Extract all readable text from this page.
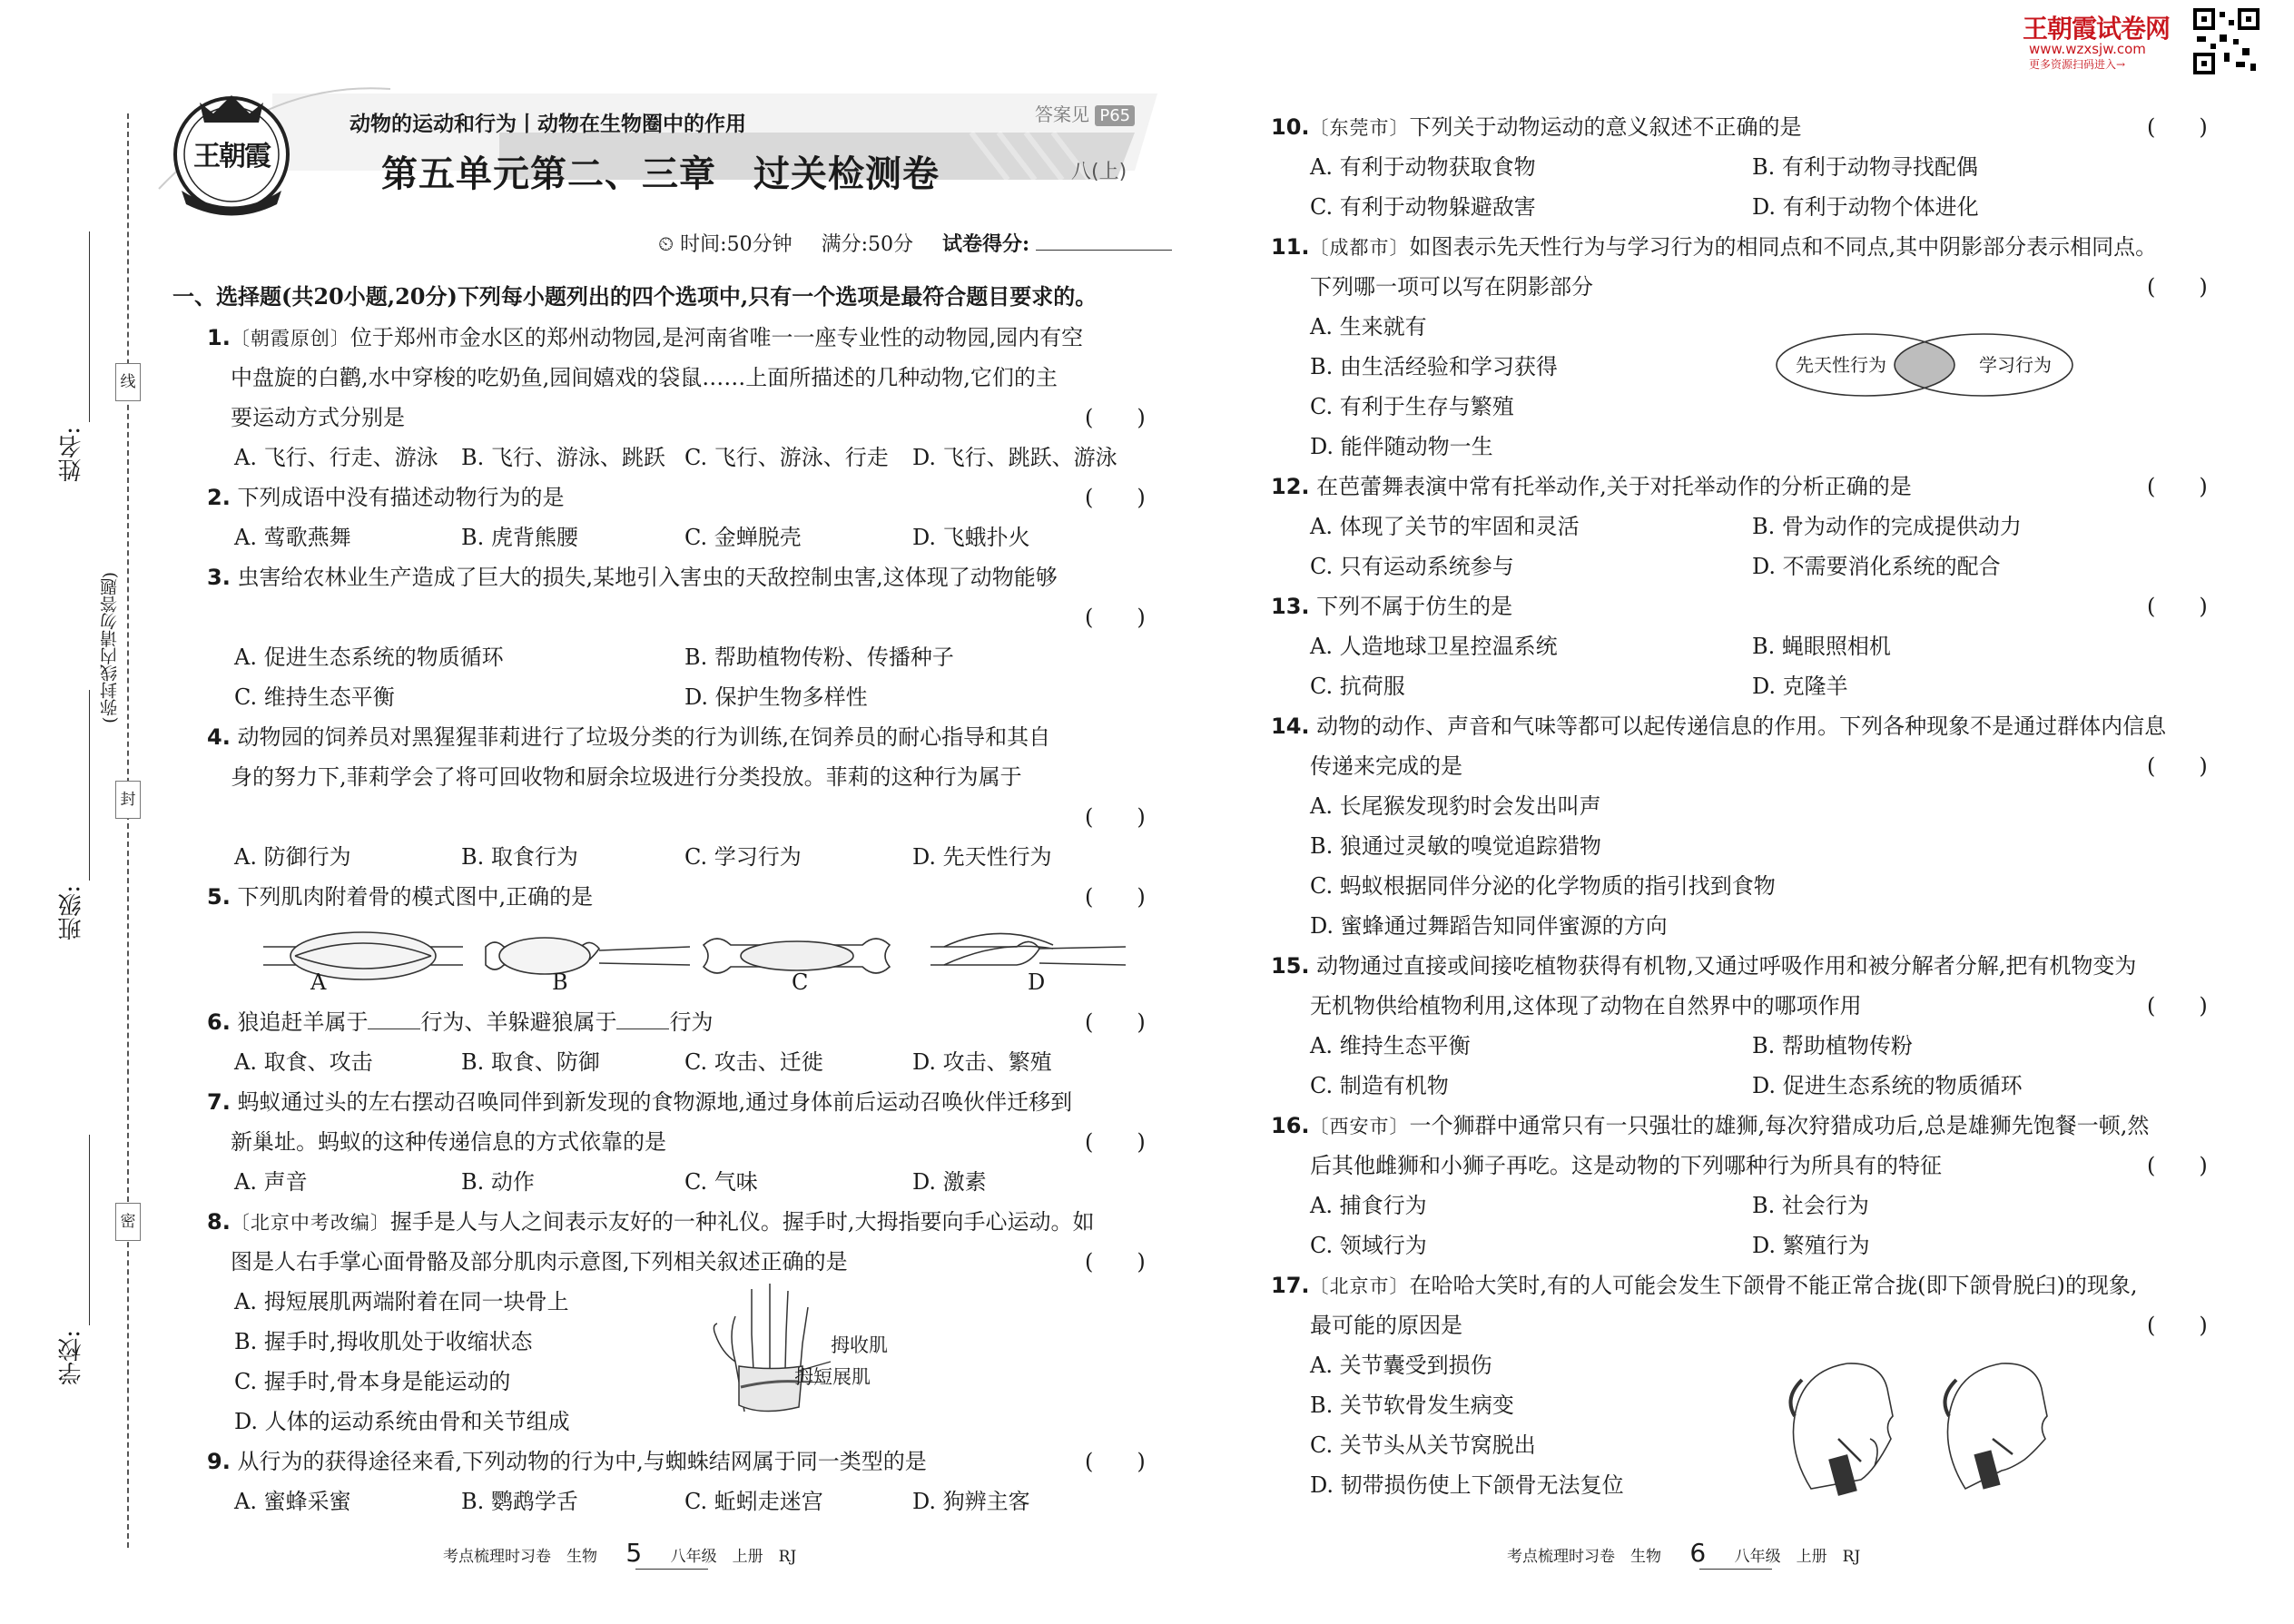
线
封
密
(弥封线内请勿答题)
姓名:
班级:
学校:
王朝霞
动物的运动和行为丨动物在生物圈中的作用	答案见 P65
第五单元第二、三章　过关检测卷	八(上)
⏲ 时间:50分钟 满分:50分 试卷得分:
一、选择题(共20小题,20分)下列每小题列出的四个选项中,只有一个选项是最符合题目要求的。
1.〔朝霞原创〕位于郑州市金水区的郑州动物园,是河南省唯一一座专业性的动物园,园内有空
中盘旋的白鹳,水中穿梭的吃奶鱼,园间嬉戏的袋鼠……上面所描述的几种动物,它们的主
要运动方式分别是	(　　)
A. 飞行、行走、游泳 B. 飞行、游泳、跳跃 C. 飞行、游泳、行走 D. 飞行、跳跃、游泳
2. 下列成语中没有描述动物行为的是	(　　)
A. 莺歌燕舞	B. 虎背熊腰	C. 金蝉脱壳	D. 飞蛾扑火
3. 虫害给农林业生产造成了巨大的损失,某地引入害虫的天敌控制虫害,这体现了动物能够
(　　)
A. 促进生态系统的物质循环	B. 帮助植物传粉、传播种子
C. 维持生态平衡	D. 保护生物多样性
4. 动物园的饲养员对黑猩猩菲莉进行了垃圾分类的行为训练,在饲养员的耐心指导和其自
身的努力下,菲莉学会了将可回收物和厨余垃圾进行分类投放。菲莉的这种行为属于
(　　)
A. 防御行为	B. 取食行为	C. 学习行为	D. 先天性行为
5. 下列肌肉附着骨的模式图中,正确的是	(　　)
A	B	C	D
6. 狼追赶羊属于 行为、羊躲避狼属于 行为	(　　)
A. 取食、攻击	B. 取食、防御	C. 攻击、迁徙	D. 攻击、繁殖
7. 蚂蚁通过头的左右摆动召唤同伴到新发现的食物源地,通过身体前后运动召唤伙伴迁移到
新巢址。蚂蚁的这种传递信息的方式依靠的是	(　　)
A. 声音	B. 动作	C. 气味	D. 激素
8.〔北京中考改编〕握手是人与人之间表示友好的一种礼仪。握手时,大拇指要向手心运动。如
图是人右手掌心面骨骼及部分肌肉示意图,下列相关叙述正确的是	(　　)
A. 拇短展肌两端附着在同一块骨上
B. 握手时,拇收肌处于收缩状态
C. 握手时,骨本身是能运动的
D. 人体的运动系统由骨和关节组成
拇收肌
拇短展肌
9. 从行为的获得途径来看,下列动物的行为中,与蜘蛛结网属于同一类型的是	(　　)
A. 蜜蜂采蜜	B. 鹦鹉学舌	C. 蚯蚓走迷宫	D. 狗辨主客
考点梳理时习卷　生物 5 八年级　上册　RJ
王朝霞试卷网
www.wzxsjw.com
更多资源扫码进入→
10.〔东莞市〕下列关于动物运动的意义叙述不正确的是	(　　)
A. 有利于动物获取食物	B. 有利于动物寻找配偶
C. 有利于动物躲避敌害	D. 有利于动物个体进化
11.〔成都市〕如图表示先天性行为与学习行为的相同点和不同点,其中阴影部分表示相同点。
下列哪一项可以写在阴影部分	(　　)
A. 生来就有
B. 由生活经验和学习获得
C. 有利于生存与繁殖
D. 能伴随动物一生
先天性行为	学习行为
12. 在芭蕾舞表演中常有托举动作,关于对托举动作的分析正确的是	(　　)
A. 体现了关节的牢固和灵活	B. 骨为动作的完成提供动力
C. 只有运动系统参与	D. 不需要消化系统的配合
13. 下列不属于仿生的是	(　　)
A. 人造地球卫星控温系统	B. 蝇眼照相机
C. 抗荷服	D. 克隆羊
14. 动物的动作、声音和气味等都可以起传递信息的作用。下列各种现象不是通过群体内信息
传递来完成的是	(　　)
A. 长尾猴发现豹时会发出叫声
B. 狼通过灵敏的嗅觉追踪猎物
C. 蚂蚁根据同伴分泌的化学物质的指引找到食物
D. 蜜蜂通过舞蹈告知同伴蜜源的方向
15. 动物通过直接或间接吃植物获得有机物,又通过呼吸作用和被分解者分解,把有机物变为
无机物供给植物利用,这体现了动物在自然界中的哪项作用	(　　)
A. 维持生态平衡	B. 帮助植物传粉
C. 制造有机物	D. 促进生态系统的物质循环
16.〔西安市〕一个狮群中通常只有一只强壮的雄狮,每次狩猎成功后,总是雄狮先饱餐一顿,然
后其他雌狮和小狮子再吃。这是动物的下列哪种行为所具有的特征	(　　)
A. 捕食行为	B. 社会行为
C. 领域行为	D. 繁殖行为
17.〔北京市〕在哈哈大笑时,有的人可能会发生下颌骨不能正常合拢(即下颌骨脱臼)的现象,
最可能的原因是	(　　)
A. 关节囊受到损伤
B. 关节软骨发生病变
C. 关节头从关节窝脱出
D. 韧带损伤使上下颌骨无法复位
考点梳理时习卷　生物 6 八年级　上册　RJ
